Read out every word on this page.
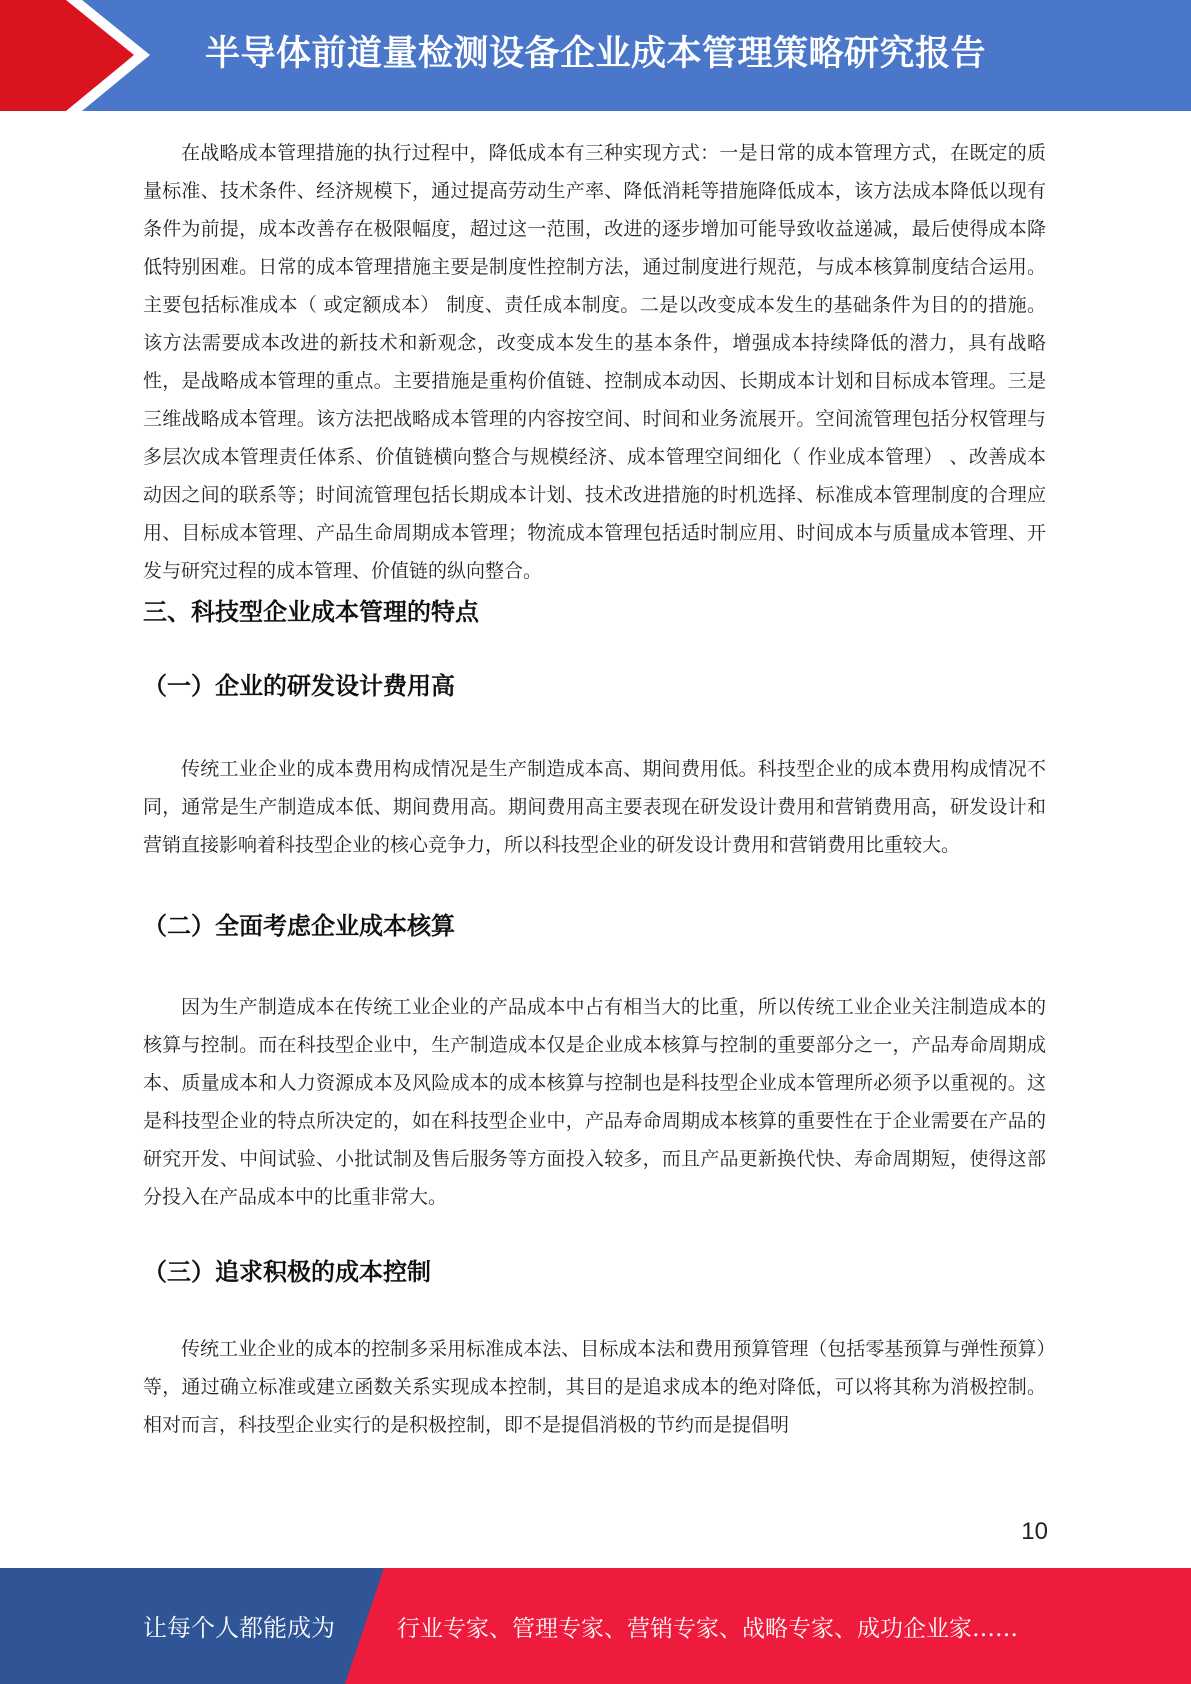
半导体前道量检测设备企业成本管理策略研究报告

在战略成本管理措施的执行过程中，降低成本有三种实现方式：一是日常的成本管理方式，在既定的质量标准、技术条件、经济规模下，通过提高劳动生产率、降低消耗等措施降低成本，该方法成本降低以现有条件为前提，成本改善存在极限幅度，超过这一范围，改进的逐步增加可能导致收益递减，最后使得成本降低特别困难。日常的成本管理措施主要是制度性控制方法，通过制度进行规范，与成本核算制度结合运用。主要包括标准成本（ 或定额成本） 制度、责任成本制度。二是以改变成本发生的基础条件为目的的措施。该方法需要成本改进的新技术和新观念，改变成本发生的基本条件，增强成本持续降低的潜力，具有战略性，是战略成本管理的重点。主要措施是重构价值链、控制成本动因、长期成本计划和目标成本管理。三是三维战略成本管理。该方法把战略成本管理的内容按空间、时间和业务流展开。空间流管理包括分权管理与多层次成本管理责任体系、价值链横向整合与规模经济、成本管理空间细化（ 作业成本管理） 、改善成本动因之间的联系等；时间流管理包括长期成本计划、技术改进措施的时机选择、标准成本管理制度的合理应用、目标成本管理、产品生命周期成本管理；物流成本管理包括适时制应用、时间成本与质量成本管理、开发与研究过程的成本管理、价值链的纵向整合。

三、科技型企业成本管理的特点
（一）企业的研发设计费用高

传统工业企业的成本费用构成情况是生产制造成本高、期间费用低。科技型企业的成本费用构成情况不同，通常是生产制造成本低、期间费用高。期间费用高主要表现在研发设计费用和营销费用高，研发设计和营销直接影响着科技型企业的核心竞争力，所以科技型企业的研发设计费用和营销费用比重较大。

（二）全面考虑企业成本核算

因为生产制造成本在传统工业企业的产品成本中占有相当大的比重，所以传统工业企业关注制造成本的核算与控制。而在科技型企业中，生产制造成本仅是企业成本核算与控制的重要部分之一，产品寿命周期成本、质量成本和人力资源成本及风险成本的成本核算与控制也是科技型企业成本管理所必须予以重视的。这是科技型企业的特点所决定的，如在科技型企业中，产品寿命周期成本核算的重要性在于企业需要在产品的研究开发、中间试验、小批试制及售后服务等方面投入较多，而且产品更新换代快、寿命周期短，使得这部分投入在产品成本中的比重非常大。

（三）追求积极的成本控制

传统工业企业的成本的控制多采用标准成本法、目标成本法和费用预算管理（包括零基预算与弹性预算）等，通过确立标准或建立函数关系实现成本控制，其目的是追求成本的绝对降低，可以将其称为消极控制。相对而言，科技型企业实行的是积极控制，即不是提倡消极的节约而是提倡明

10
让每个人都能成为	行业专家、管理专家、营销专家、战略专家、成功企业家……
